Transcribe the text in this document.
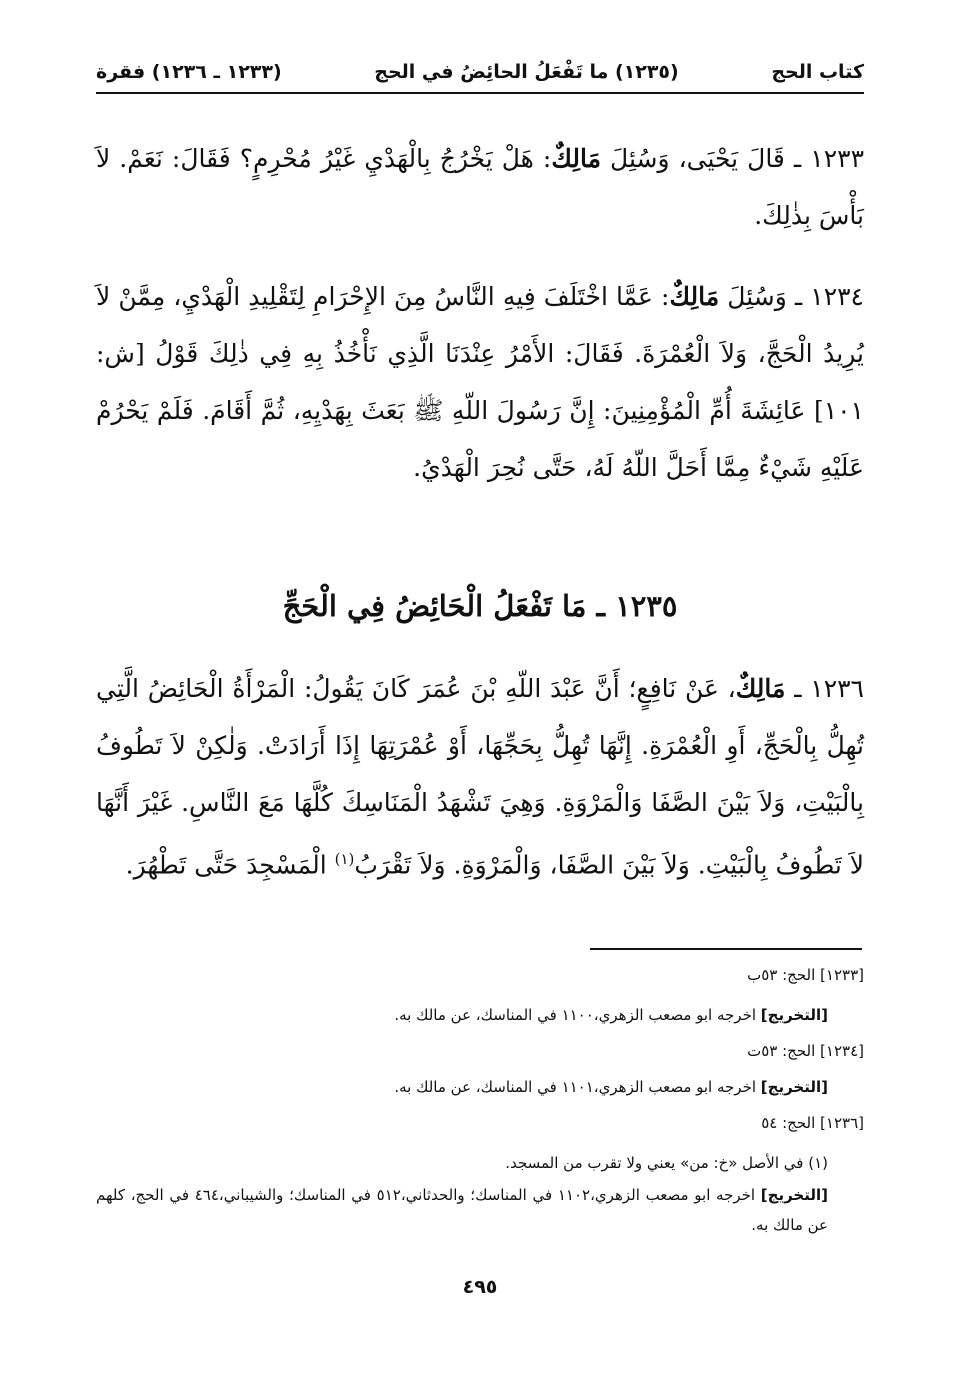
كتاب الحج
(١٢٣٥) ما تَفْعَلُ الحائِضُ في الحج
(١٢٣٣ ـ ١٢٣٦) فقرة
١٢٣٣ ـ قَالَ يَحْيَى، وَسُئِلَ مَالِكٌ: هَلْ يَخْرُجُ بِالْهَدْيِ غَيْرُ مُحْرِمٍ؟ فَقَالَ: نَعَمْ. لاَ بَأْسَ بِذٰلِكَ.
١٢٣٤ ـ وَسُئِلَ مَالِكٌ: عَمَّا اخْتَلَفَ فِيهِ النَّاسُ مِنَ الإِحْرَامِ لِتَقْلِيدِ الْهَدْيِ، مِمَّنْ لاَ يُرِيدُ الْحَجَّ، وَلاَ الْعُمْرَةَ. فَقَالَ: الأَمْرُ عِنْدَنَا الَّذِي نَأْخُذُ بِهِ فِي ذٰلِكَ قَوْلُ [ش: ١٠١] عَائِشَةَ أُمِّ الْمُؤْمِنِينَ: إِنَّ رَسُولَ اللّهِ ﷺ بَعَثَ بِهَدْيِهِ، ثُمَّ أَقَامَ. فَلَمْ يَحْرُمْ عَلَيْهِ شَيْءٌ مِمَّا أَحَلَّ اللّهُ لَهُ، حَتَّى نُحِرَ الْهَدْيُ.
١٢٣٥ ـ مَا تَفْعَلُ الْحَائِضُ فِي الْحَجِّ
١٢٣٦ ـ مَالِكٌ، عَنْ نَافِعٍ؛ أَنَّ عَبْدَ اللّهِ بْنَ عُمَرَ كَانَ يَقُولُ: الْمَرْأَةُ الْحَائِضُ الَّتِي تُهِلُّ بِالْحَجِّ، أَوِ الْعُمْرَةِ. إِنَّهَا تُهِلُّ بِحَجِّهَا، أَوْ عُمْرَتِهَا إِذَا أَرَادَتْ. وَلٰكِنْ لاَ تَطُوفُ بِالْبَيْتِ، وَلاَ بَيْنَ الصَّفَا وَالْمَرْوَةِ. وَهِيَ تَشْهَدُ الْمَنَاسِكَ كُلَّهَا مَعَ النَّاسِ. غَيْرَ أَنَّهَا لاَ تَطُوفُ بِالْبَيْتِ. وَلاَ بَيْنَ الصَّفَا، وَالْمَرْوَةِ. وَلاَ تَقْرَبُ$^{(١)}$ الْمَسْجِدَ حَتَّى تَطْهُرَ.
[١٢٣٣] الحج: ٥٣ب
[التخريج] اخرجه ابو مصعب الزهري،١١٠٠ في المناسك، عن مالك به.
[١٢٣٤] الحج: ٥٣ت
[التخريج] اخرجه ابو مصعب الزهري،١١٠١ في المناسك، عن مالك به.
[١٢٣٦] الحج: ٥٤
(١) في الأصل «خ: من» يعني ولا تقرب من المسجد.
[التخريج] اخرجه ابو مصعب الزهري،١١٠٢ في المناسك؛ والحدثاني،٥١٢ في المناسك؛ والشيباني،٤٦٤ في الحج، كلهم عن مالك به.
٤٩٥
